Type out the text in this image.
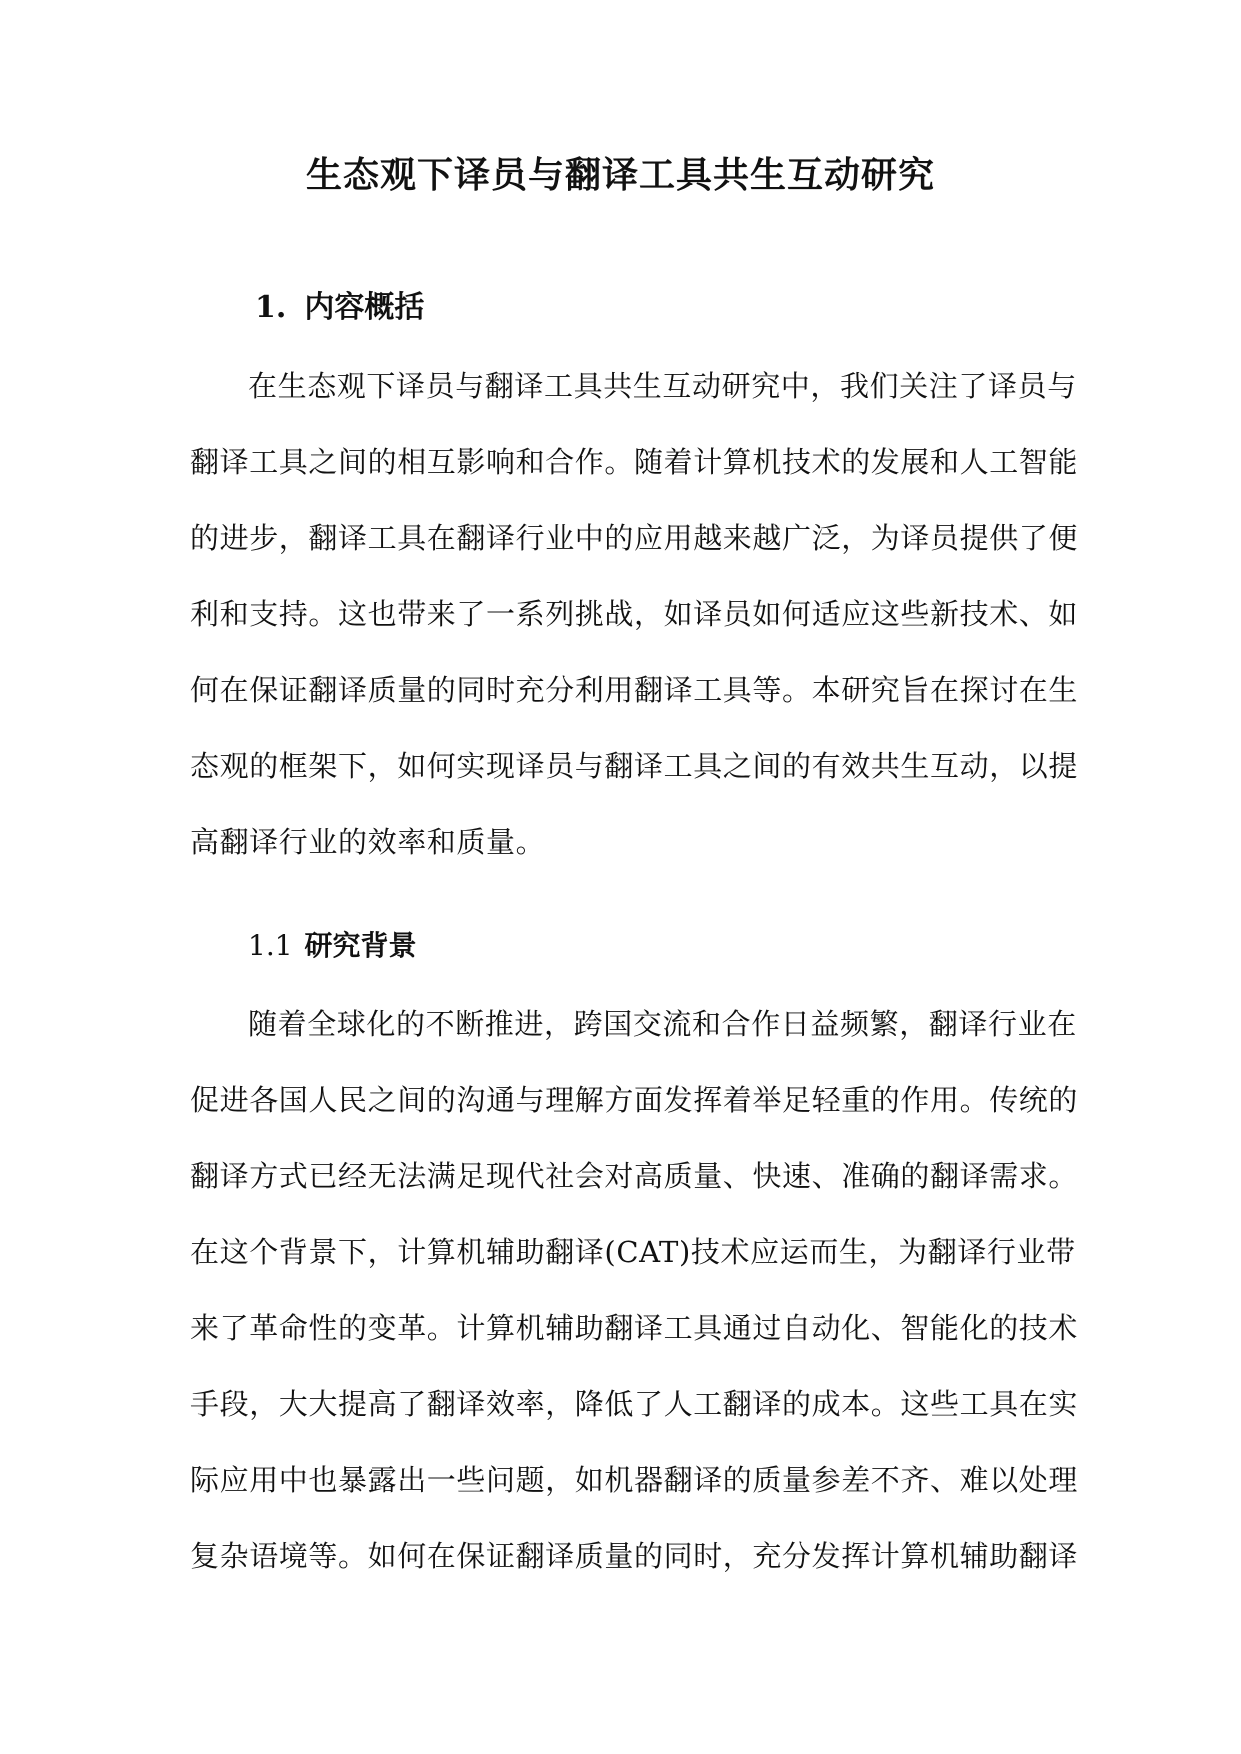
生态观下译员与翻译工具共生互动研究
1. 内容概括
在生态观下译员与翻译工具共生互动研究中，我们关注了译员与
翻译工具之间的相互影响和合作。随着计算机技术的发展和人工智能
的进步，翻译工具在翻译行业中的应用越来越广泛，为译员提供了便
利和支持。这也带来了一系列挑战，如译员如何适应这些新技术、如
何在保证翻译质量的同时充分利用翻译工具等。本研究旨在探讨在生
态观的框架下，如何实现译员与翻译工具之间的有效共生互动，以提
高翻译行业的效率和质量。
1.1 研究背景
随着全球化的不断推进，跨国交流和合作日益频繁，翻译行业在
促进各国人民之间的沟通与理解方面发挥着举足轻重的作用。传统的
翻译方式已经无法满足现代社会对高质量、快速、准确的翻译需求。
在这个背景下，计算机辅助翻译(CAT)技术应运而生，为翻译行业带
来了革命性的变革。计算机辅助翻译工具通过自动化、智能化的技术
手段，大大提高了翻译效率，降低了人工翻译的成本。这些工具在实
际应用中也暴露出一些问题，如机器翻译的质量参差不齐、难以处理
复杂语境等。如何在保证翻译质量的同时，充分发挥计算机辅助翻译
